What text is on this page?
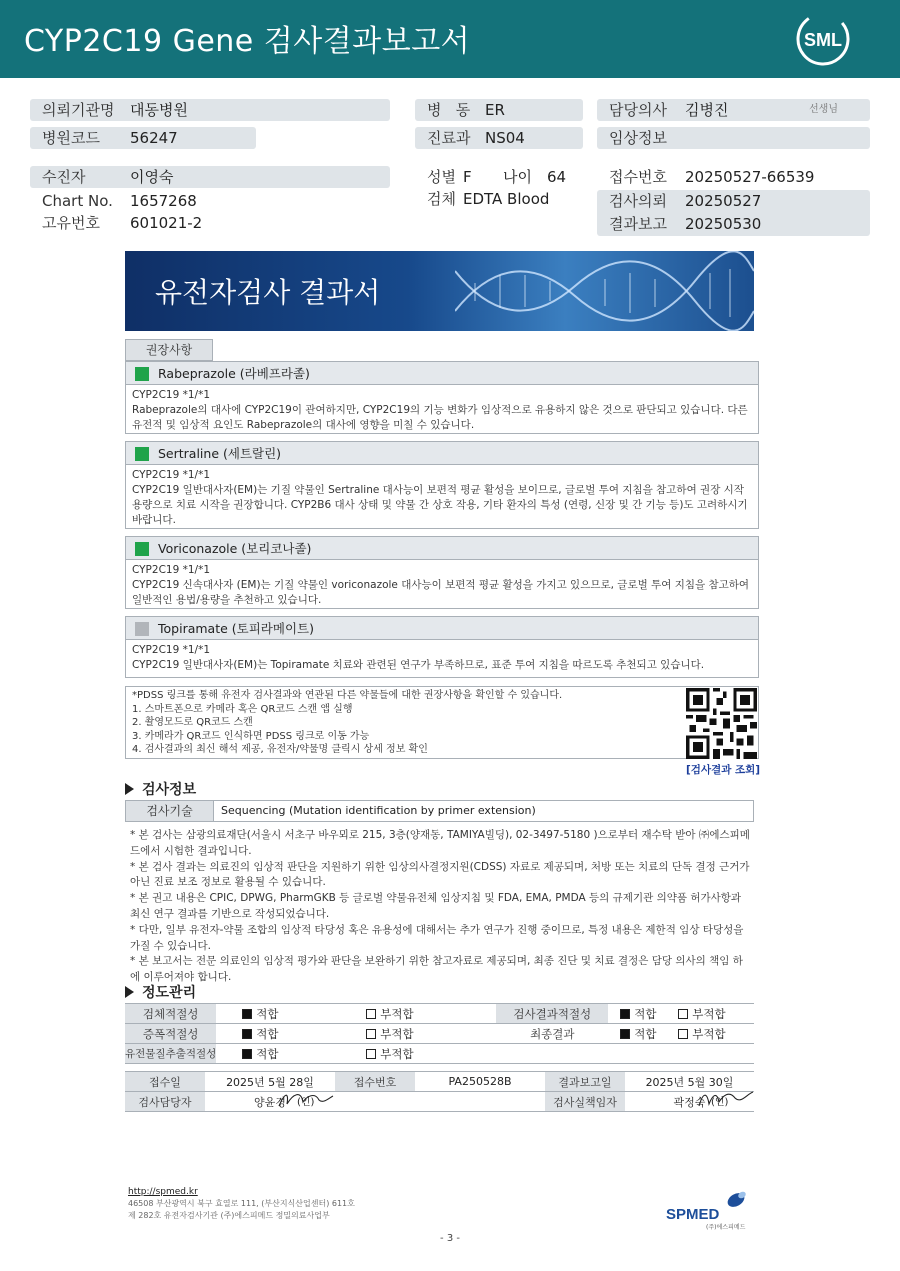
CYP2C19 Gene 검사결과보고서	SML
의뢰기관명 대동병원
병원코드 56247
병   동 ER
진료과 NS04
담당의사 김병진	선생님
임상정보
수진자	이영숙
Chart No. 1657268
고유번호 601021-2
성별 F 나이 64
검체 EDTA Blood
접수번호 20250527-66539
검사의뢰 20250527
결과보고 20250530
유전자검사 결과서
권장사항
Rabeprazole (라베프라졸)
CYP2C19 *1/*1
Rabeprazole의 대사에 CYP2C19이 관여하지만, CYP2C19의 기능 변화가 임상적으로 유용하지 않은 것으로 판단되고 있습니다. 다른 유전적 및 임상적 요인도 Rabeprazole의 대사에 영향을 미칠 수 있습니다.
Sertraline (세트랄린)
CYP2C19 *1/*1
CYP2C19 일반대사자(EM)는 기질 약물인 Sertraline 대사능이 보편적 평균 활성을 보이므로, 글로벌 투여 지침을 참고하여 권장 시작 용량으로 치료 시작을 권장합니다. CYP2B6 대사 상태 및 약물 간 상호 작용, 기타 환자의 특성 (연령, 신장 및 간 기능 등)도 고려하시기 바랍니다.
Voriconazole (보리코나졸)
CYP2C19 *1/*1
CYP2C19 신속대사자 (EM)는 기질 약물인 voriconazole 대사능이 보편적 평균 활성을 가지고 있으므로, 글로벌 투여 지침을 참고하여 일반적인 용법/용량을 추천하고 있습니다.
Topiramate (토피라메이트)
CYP2C19 *1/*1
CYP2C19 일반대사자(EM)는 Topiramate 치료와 관련된 연구가 부족하므로, 표준 투여 지침을 따르도록 추천되고 있습니다.
*PDSS 링크를 통해 유전자 검사결과와 연관된 다른 약물들에 대한 권장사항을 확인할 수 있습니다.
1. 스마트폰으로 카메라 혹은 QR코드 스캔 앱 실행
2. 촬영모드로 QR코드 스캔
3. 카메라가 QR코드 인식하면 PDSS 링크로 이동 가능
4. 검사결과의 최신 해석 제공, 유전자/약물명 클릭시 상세 정보 확인
[검사결과 조회]
검사정보
검사기술	Sequencing (Mutation identification by primer extension)
* 본 검사는 삼광의료재단(서울시 서초구 바우뫼로 215, 3층(양재동, TAMIYA빌딩), 02-3497-5180 )으로부터 재수탁 받아 ㈜에스피메드에서 시험한 결과입니다.
* 본 검사 결과는 의료진의 임상적 판단을 지원하기 위한 임상의사결정지원(CDSS) 자료로 제공되며, 처방 또는 치료의 단독 결정 근거가 아닌 진료 보조 정보로 활용될 수 있습니다.
* 본 권고 내용은 CPIC, DPWG, PharmGKB 등 글로벌 약물유전체 임상지침 및 FDA, EMA, PMDA 등의 규제기관 의약품 허가사항과 최신 연구 결과를 기반으로 작성되었습니다.
* 다만, 일부 유전자-약물 조합의 임상적 타당성 혹은 유용성에 대해서는 추가 연구가 진행 중이므로, 특정 내용은 제한적 임상 타당성을 가질 수 있습니다.
* 본 보고서는 전문 의료인의 임상적 평가와 판단을 보완하기 위한 참고자료로 제공되며, 최종 진단 및 치료 결정은 담당 의사의 책임 하에 이루어져야 합니다.
정도관리
검체적절성	적합	부적합	검사결과적절성	적합	부적합
증폭적절성	적합	부적합	최종결과	적합	부적합
유전물질추출적절성	적합	부적합			
접수일	2025년 5월 28일	접수번호	PA250528B	결과보고일	2025년 5월 30일
검사담당자	양윤경 (인)			검사실책임자	곽정숙 (인)
http://spmed.kr
46508 부산광역시 북구 효열로 111, (부산지식산업센터) 611호
제 282호 유전자검사기관 (주)에스피메드 정밀의료사업부	SPMED
(주)에스피메드
- 3 -
